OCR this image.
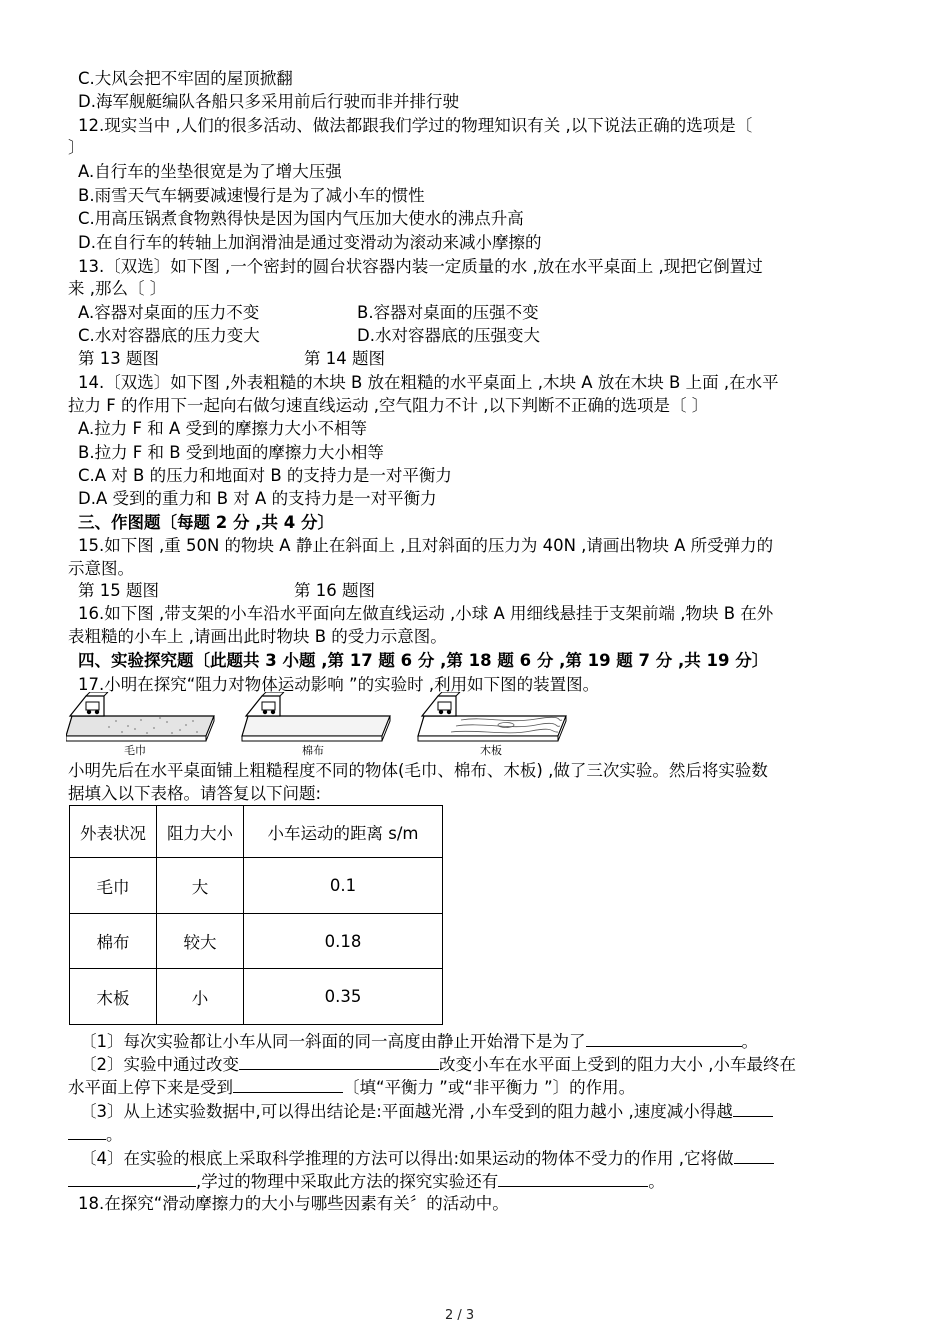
C.大风会把不牢固的屋顶掀翻
D.海军舰艇编队各船只多采用前后行驶而非并排行驶
12.现实当中 ,人们的很多活动、做法都跟我们学过的物理知识有关 ,以下说法正确的选项是〔
〕
A.自行车的坐垫很宽是为了增大压强
B.雨雪天气车辆要减速慢行是为了减小车的惯性
C.用高压锅煮食物熟得快是因为国内气压加大使水的沸点升高
D.在自行车的转轴上加润滑油是通过变滑动为滚动来减小摩擦的
13.〔双选〕如下图 ,一个密封的圆台状容器内装一定质量的水 ,放在水平桌面上 ,现把它倒置过
来 ,那么〔 〕
A.容器对桌面的压力不变	B.容器对桌面的压强不变
C.水对容器底的压力变大	D.水对容器底的压强变大
第 13 题图	第 14 题图
14.〔双选〕如下图 ,外表粗糙的木块 B 放在粗糙的水平桌面上 ,木块 A 放在木块 B 上面 ,在水平
拉力 F 的作用下一起向右做匀速直线运动 ,空气阻力不计 ,以下判断不正确的选项是〔 〕
A.拉力 F 和 A 受到的摩擦力大小不相等
B.拉力 F 和 B 受到地面的摩擦力大小相等
C.A 对 B 的压力和地面对 B 的支持力是一对平衡力
D.A 受到的重力和 B 对 A 的支持力是一对平衡力
三、作图题〔每题 2 分 ,共 4 分〕
15.如下图 ,重 50N 的物块 A 静止在斜面上 ,且对斜面的压力为 40N ,请画出物块 A 所受弹力的
示意图。
第 15 题图	第 16 题图
16.如下图 ,带支架的小车沿水平面向左做直线运动 ,小球 A 用细线悬挂于支架前端 ,物块 B 在外
表粗糙的小车上 ,请画出此时物块 B 的受力示意图。
四、实验探究题〔此题共 3 小题 ,第 17 题 6 分 ,第 18 题 6 分 ,第 19 题 7 分 ,共 19 分〕
17.小明在探究“阻力对物体运动影响 ”的实验时 ,利用如下图的装置图。
毛巾	棉布	木板
小明先后在水平桌面铺上粗糙程度不同的物体(毛巾、棉布、木板) ,做了三次实验。然后将实验数
据填入以下表格。请答复以下问题:
外表状况	阻力大小	小车运动的距离 s/m
毛巾	大	0.1
棉布	较大	0.18
木板	小	0.35
〔1〕每次实验都让小车从同一斜面的同一高度由静止开始滑下是为了	。
〔2〕实验中通过改变	改变小车在水平面上受到的阻力大小 ,小车最终在
水平面上停下来是受到	〔填“平衡力 ”或“非平衡力 ”〕的作用。
〔3〕从上述实验数据中,可以得出结论是:平面越光滑 ,小车受到的阻力越小 ,速度减小得越
。
〔4〕在实验的根底上采取科学推理的方法可以得出:如果运动的物体不受力的作用 ,它将做
,学过的物理中采取此方法的探究实验还有	。
18.在探究“滑动摩擦力的大小与哪些因素有关〞的活动中。
2 / 3
